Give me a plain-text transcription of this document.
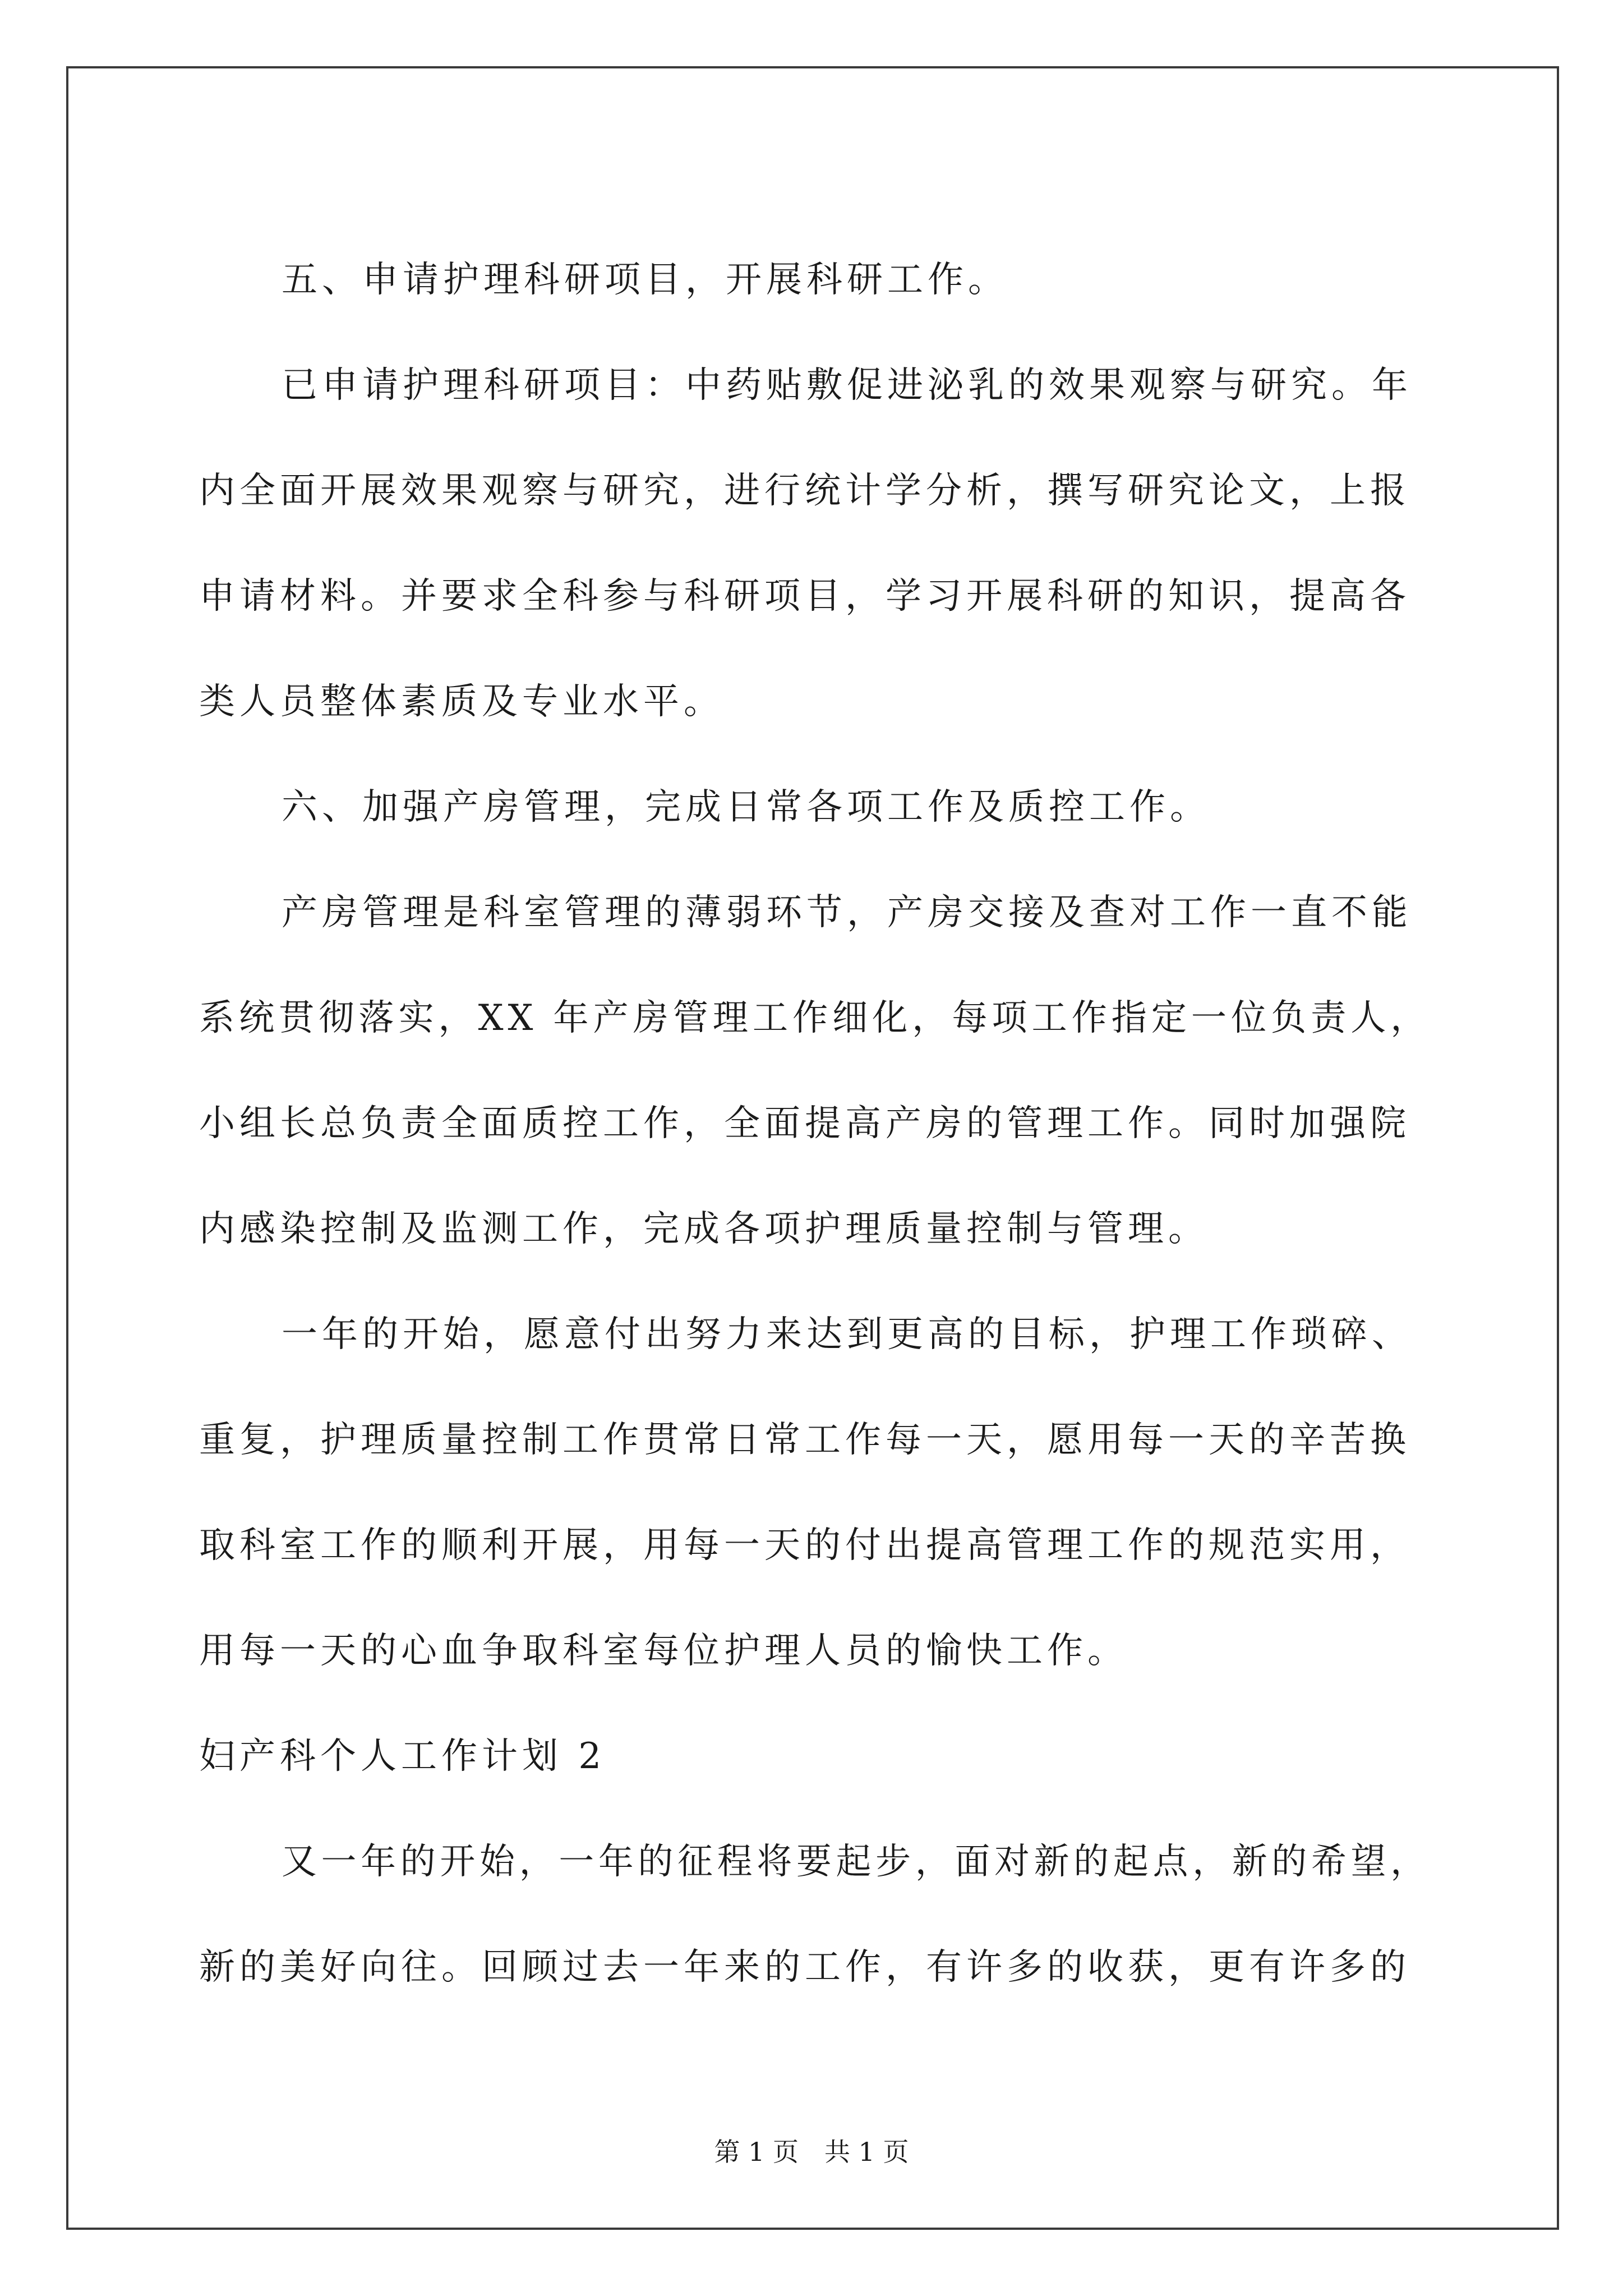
五、申请护理科研项目，开展科研工作。
已申请护理科研项目：中药贴敷促进泌乳的效果观察与研究。年
内全面开展效果观察与研究，进行统计学分析，撰写研究论文，上报
申请材料。并要求全科参与科研项目，学习开展科研的知识，提高各
类人员整体素质及专业水平。
六、加强产房管理，完成日常各项工作及质控工作。
产房管理是科室管理的薄弱环节，产房交接及查对工作一直不能
系统贯彻落实，XX 年产房管理工作细化，每项工作指定一位负责人，
小组长总负责全面质控工作，全面提高产房的管理工作。同时加强院
内感染控制及监测工作，完成各项护理质量控制与管理。
一年的开始，愿意付出努力来达到更高的目标，护理工作琐碎、
重复，护理质量控制工作贯常日常工作每一天，愿用每一天的辛苦换
取科室工作的顺利开展，用每一天的付出提高管理工作的规范实用，
用每一天的心血争取科室每位护理人员的愉快工作。
妇产科个人工作计划 2
又一年的开始，一年的征程将要起步，面对新的起点，新的希望，
新的美好向往。回顾过去一年来的工作，有许多的收获，更有许多的
第 1 页 共 1 页
